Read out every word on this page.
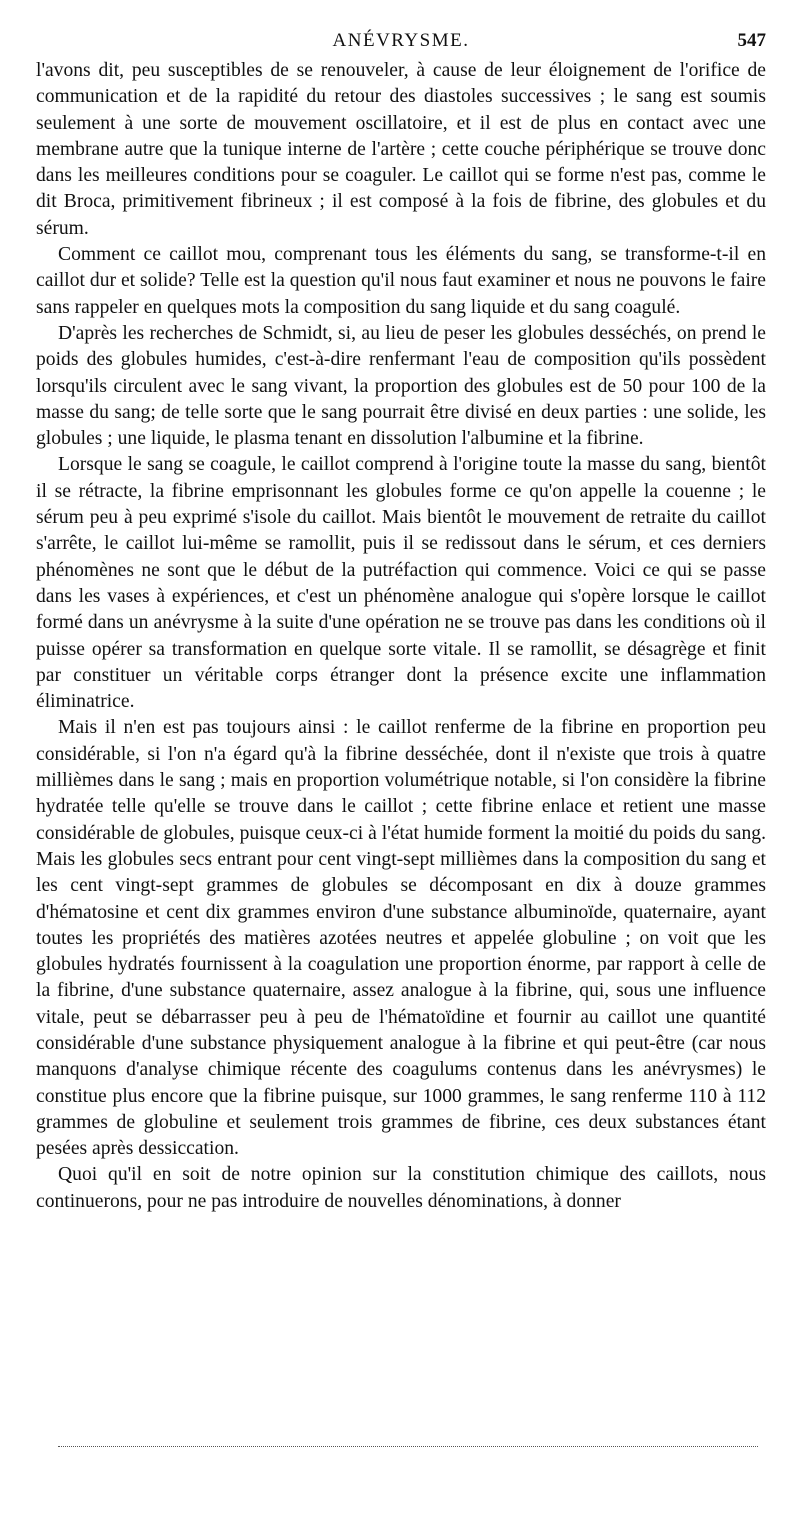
ANÉVRYSME.	547

l'avons dit, peu susceptibles de se renouveler, à cause de leur éloignement de l'orifice de communication et de la rapidité du retour des diastoles successives ; le sang est soumis seulement à une sorte de mouvement oscillatoire, et il est de plus en contact avec une membrane autre que la tunique interne de l'artère ; cette couche périphérique se trouve donc dans les meilleures conditions pour se coaguler. Le caillot qui se forme n'est pas, comme le dit Broca, primitivement fibrineux ; il est composé à la fois de fibrine, des globules et du sérum.

Comment ce caillot mou, comprenant tous les éléments du sang, se transforme-t-il en caillot dur et solide? Telle est la question qu'il nous faut examiner et nous ne pouvons le faire sans rappeler en quelques mots la composition du sang liquide et du sang coagulé.

D'après les recherches de Schmidt, si, au lieu de peser les globules desséchés, on prend le poids des globules humides, c'est-à-dire renfermant l'eau de composition qu'ils possèdent lorsqu'ils circulent avec le sang vivant, la proportion des globules est de 50 pour 100 de la masse du sang; de telle sorte que le sang pourrait être divisé en deux parties : une solide, les globules ; une liquide, le plasma tenant en dissolution l'albumine et la fibrine.

Lorsque le sang se coagule, le caillot comprend à l'origine toute la masse du sang, bientôt il se rétracte, la fibrine emprisonnant les globules forme ce qu'on appelle la couenne ; le sérum peu à peu exprimé s'isole du caillot. Mais bientôt le mouvement de retraite du caillot s'arrête, le caillot lui-même se ramollit, puis il se redissout dans le sérum, et ces derniers phénomènes ne sont que le début de la putréfaction qui commence. Voici ce qui se passe dans les vases à expériences, et c'est un phénomène analogue qui s'opère lorsque le caillot formé dans un anévrysme à la suite d'une opération ne se trouve pas dans les conditions où il puisse opérer sa transformation en quelque sorte vitale. Il se ramollit, se désagrège et finit par constituer un véritable corps étranger dont la présence excite une inflammation éliminatrice.

Mais il n'en est pas toujours ainsi : le caillot renferme de la fibrine en proportion peu considérable, si l'on n'a égard qu'à la fibrine desséchée, dont il n'existe que trois à quatre millièmes dans le sang ; mais en proportion volumétrique notable, si l'on considère la fibrine hydratée telle qu'elle se trouve dans le caillot ; cette fibrine enlace et retient une masse considérable de globules, puisque ceux-ci à l'état humide forment la moitié du poids du sang. Mais les globules secs entrant pour cent vingt-sept millièmes dans la composition du sang et les cent vingt-sept grammes de globules se décomposant en dix à douze grammes d'hématosine et cent dix grammes environ d'une substance albuminoïde, quaternaire, ayant toutes les propriétés des matières azotées neutres et appelée globuline ; on voit que les globules hydratés fournissent à la coagulation une proportion énorme, par rapport à celle de la fibrine, d'une substance quaternaire, assez analogue à la fibrine, qui, sous une influence vitale, peut se débarrasser peu à peu de l'hématoïdine et fournir au caillot une quantité considérable d'une substance physiquement analogue à la fibrine et qui peut-être (car nous manquons d'analyse chimique récente des coagulums contenus dans les anévrysmes) le constitue plus encore que la fibrine puisque, sur 1000 grammes, le sang renferme 110 à 112 grammes de globuline et seulement trois grammes de fibrine, ces deux substances étant pesées après dessiccation.

Quoi qu'il en soit de notre opinion sur la constitution chimique des caillots, nous continuerons, pour ne pas introduire de nouvelles dénominations, à donner
